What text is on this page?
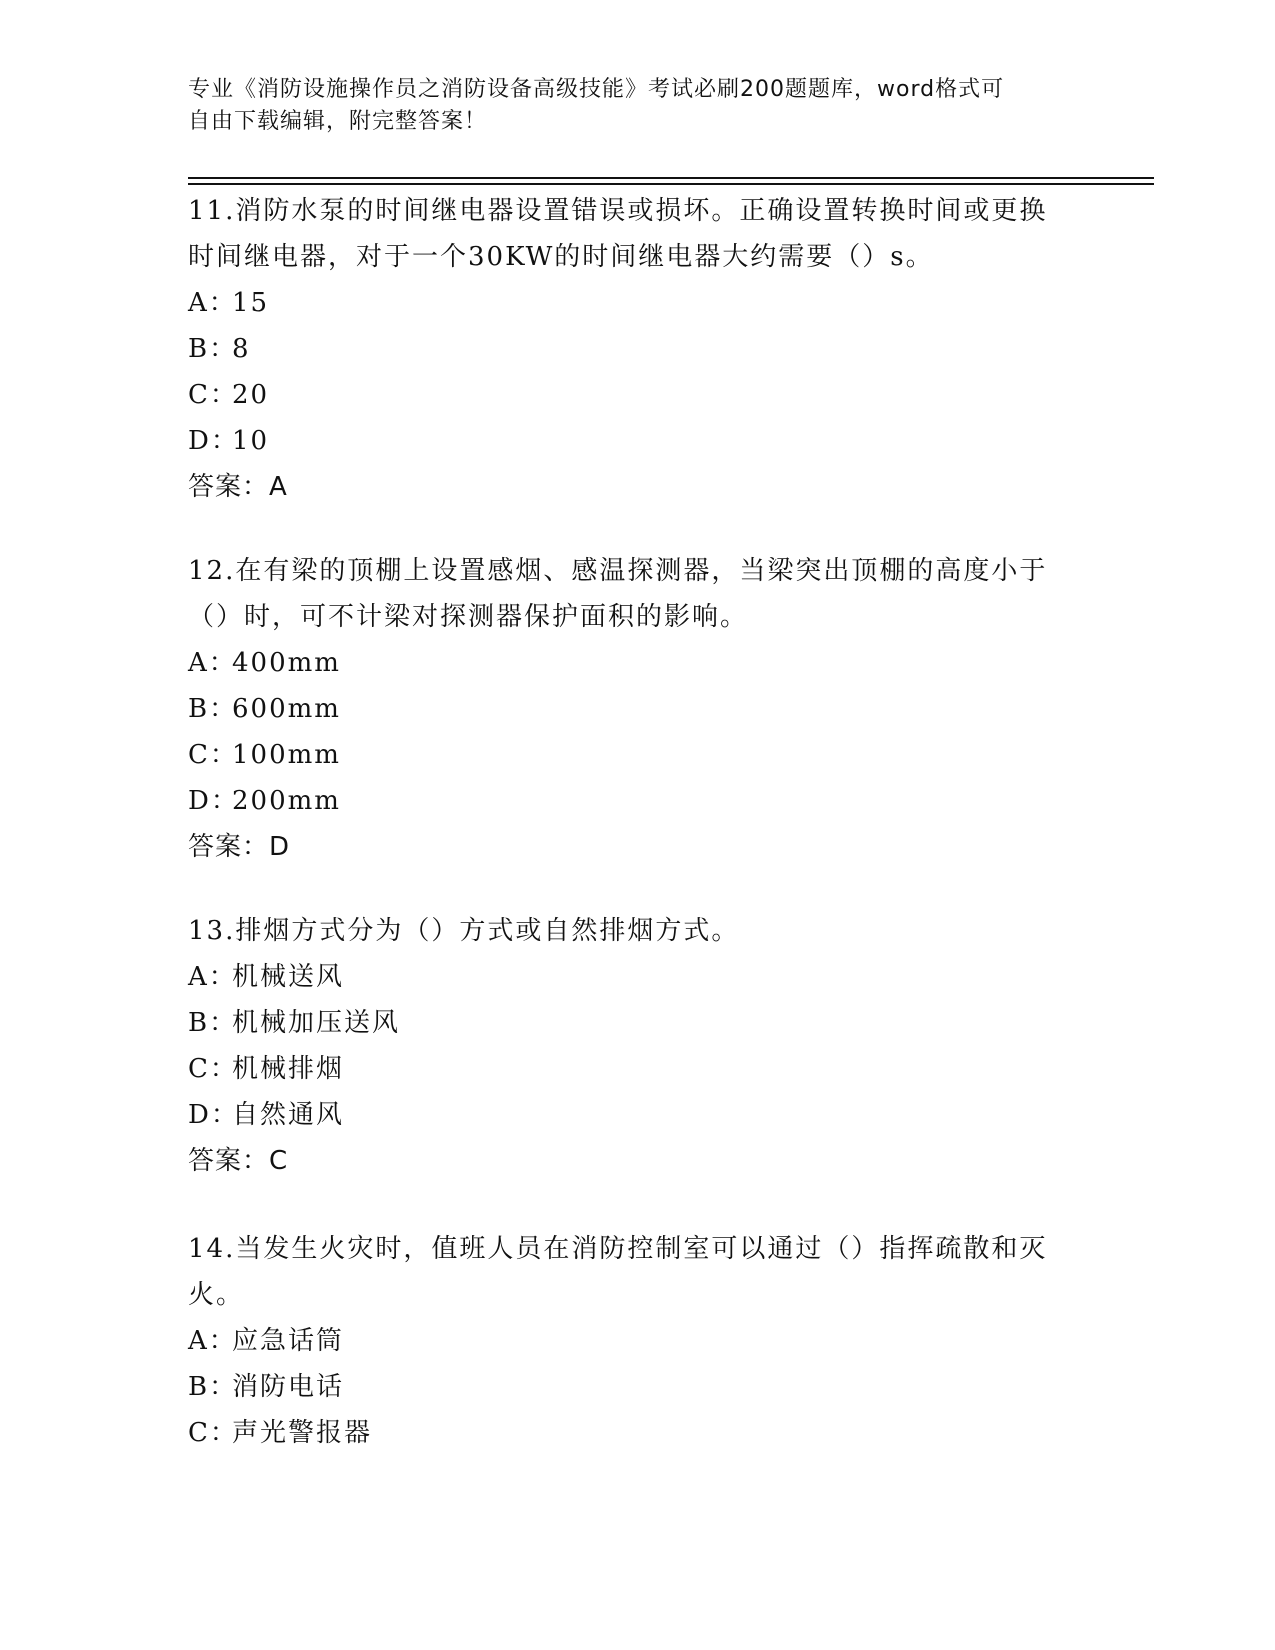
专业《消防设施操作员之消防设备高级技能》考试必刷200题题库，word格式可
自由下载编辑，附完整答案！

11.消防水泵的时间继电器设置错误或损坏。正确设置转换时间或更换

时间继电器，对于一个30KW的时间继电器大约需要（）s。

A：15

B：8

C：20

D：10

答案：A

12.在有梁的顶棚上设置感烟、感温探测器，当梁突出顶棚的高度小于

（）时，可不计梁对探测器保护面积的影响。

A：400mm

B：600mm

C：100mm

D：200mm

答案：D

13.排烟方式分为（）方式或自然排烟方式。

A：机械送风

B：机械加压送风

C：机械排烟

D：自然通风

答案：C

14.当发生火灾时，值班人员在消防控制室可以通过（）指挥疏散和灭

火。

A：应急话筒

B：消防电话

C：声光警报器
